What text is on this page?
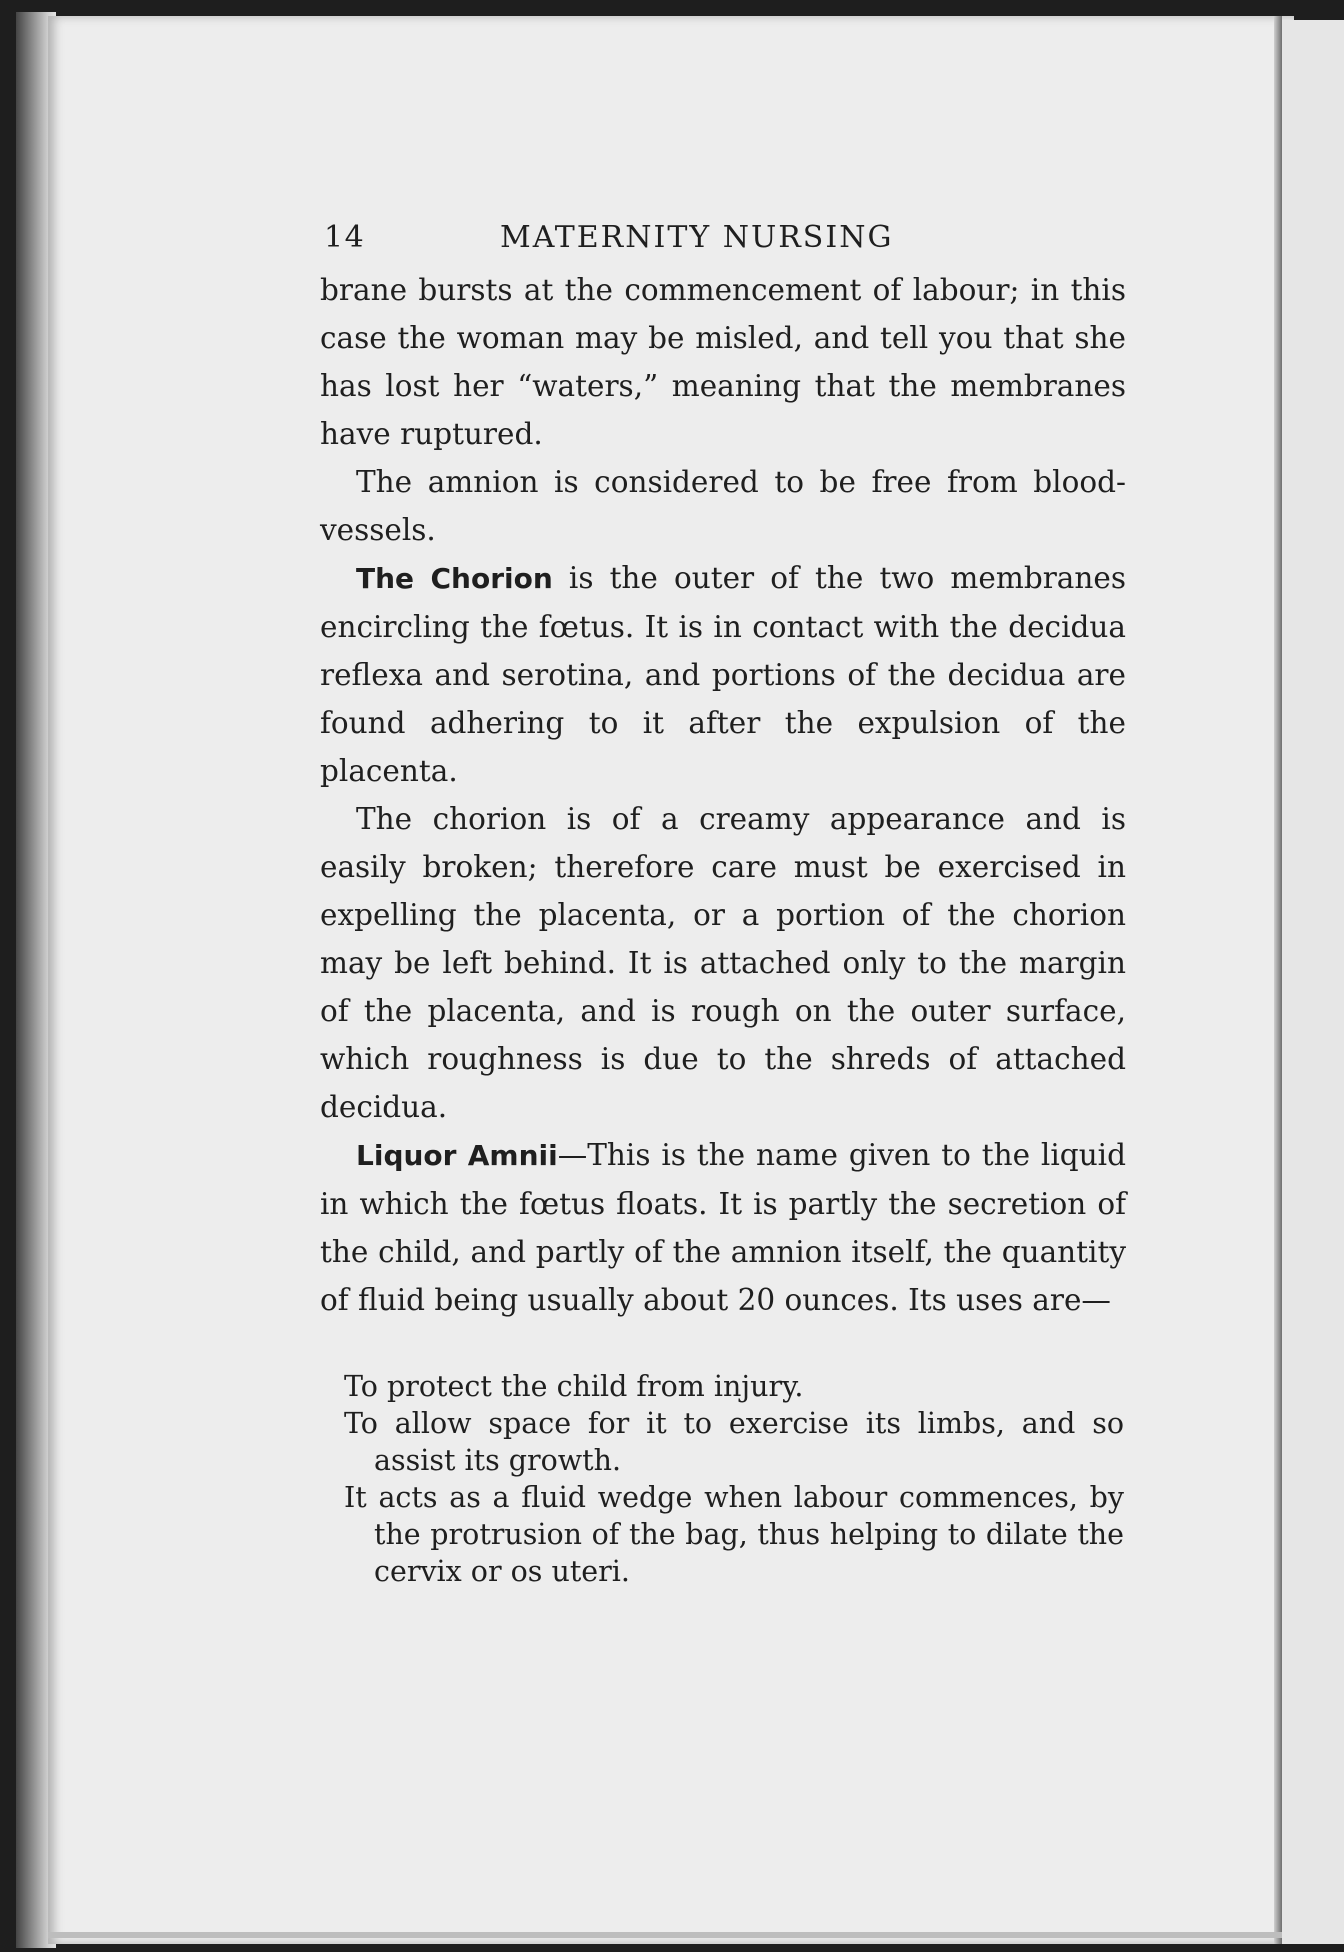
14	MATERNITY NURSING

brane bursts at the commencement of labour; in this case the woman may be misled, and tell you that she has lost her “waters,” meaning that the membranes have ruptured.

The amnion is considered to be free from blood-vessels.

The Chorion is the outer of the two membranes encircling the fœtus. It is in contact with the decidua reflexa and serotina, and portions of the decidua are found adhering to it after the expulsion of the placenta.

The chorion is of a creamy appearance and is easily broken; therefore care must be exercised in expelling the placenta, or a portion of the chorion may be left behind. It is attached only to the margin of the placenta, and is rough on the outer surface, which roughness is due to the shreds of attached decidua.

Liquor Amnii—This is the name given to the liquid in which the fœtus floats. It is partly the secretion of the child, and partly of the amnion itself, the quantity of fluid being usually about 20 ounces. Its uses are—

To protect the child from injury.
To allow space for it to exercise its limbs, and so assist its growth.
It acts as a fluid wedge when labour commences, by the protrusion of the bag, thus helping to dilate the cervix or os uteri.
